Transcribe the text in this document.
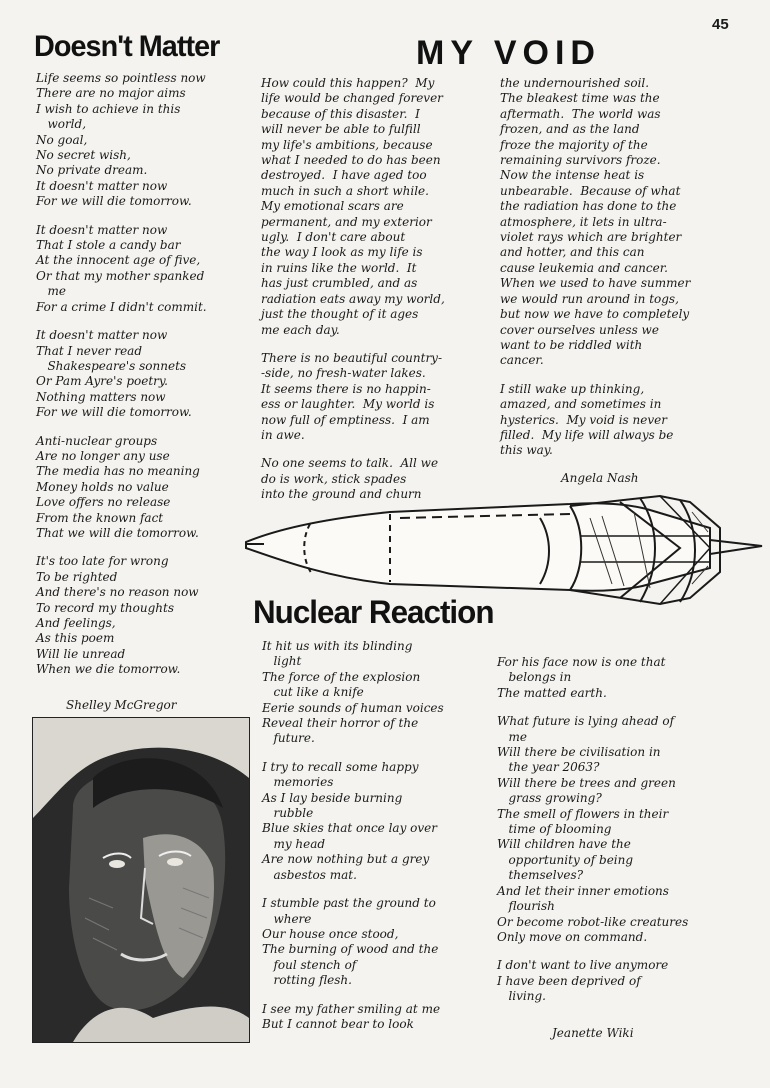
45
Doesn't Matter	MY VOID
Nuclear Reaction

Life seems so pointless now
There are no major aims
I wish to achieve in this
world,
No goal,
No secret wish,
No private dream.
It doesn't matter now
For we will die tomorrow.

It doesn't matter now
That I stole a candy bar
At the innocent age of five,
Or that my mother spanked
me
For a crime I didn't commit.

It doesn't matter now
That I never read
Shakespeare's sonnets
Or Pam Ayre's poetry.
Nothing matters now
For we will die tomorrow.

Anti-nuclear groups
Are no longer any use
The media has no meaning
Money holds no value
Love offers no release
From the known fact
That we will die tomorrow.

It's too late for wrong
To be righted
And there's no reason now
To record my thoughts
And feelings,
As this poem
Will lie unread
When we die tomorrow.

Shelley McGregor

How could this happen?  My
life would be changed forever
because of this disaster.  I
will never be able to fulfill
my life's ambitions, because
what I needed to do has been
destroyed.  I have aged too
much in such a short while.
My emotional scars are
permanent, and my exterior
ugly.  I don't care about
the way I look as my life is
in ruins like the world.  It
has just crumbled, and as
radiation eats away my world,
just the thought of it ages
me each day.

There is no beautiful country-
-side, no fresh-water lakes.
It seems there is no happin-
ess or laughter.  My world is
now full of emptiness.  I am
in awe.

No one seems to talk.  All we
do is work, stick spades
into the ground and churn

the undernourished soil.
The bleakest time was the
aftermath.  The world was
frozen, and as the land
froze the majority of the
remaining survivors froze.
Now the intense heat is
unbearable.  Because of what
the radiation has done to the
atmosphere, it lets in ultra-
violet rays which are brighter
and hotter, and this can
cause leukemia and cancer.
When we used to have summer
we would run around in togs,
but now we have to completely
cover ourselves unless we
want to be riddled with
cancer.

I still wake up thinking,
amazed, and sometimes in
hysterics.  My void is never
filled.  My life will always be
this way.

Angela Nash

It hit us with its blinding
light
The force of the explosion
cut like a knife
Eerie sounds of human voices
Reveal their horror of the
future.

I try to recall some happy
memories
As I lay beside burning
rubble
Blue skies that once lay over
my head
Are now nothing but a grey
asbestos mat.

I stumble past the ground to
where
Our house once stood,
The burning of wood and the
foul stench of
rotting flesh.

I see my father smiling at me
But I cannot bear to look

For his face now is one that
belongs in
The matted earth.

What future is lying ahead of
me
Will there be civilisation in
the year 2063?
Will there be trees and green
grass growing?
The smell of flowers in their
time of blooming
Will children have the
opportunity of being
themselves?
And let their inner emotions
flourish
Or become robot-like creatures
Only move on command.

I don't want to live anymore
I have been deprived of
living.

Jeanette Wiki
